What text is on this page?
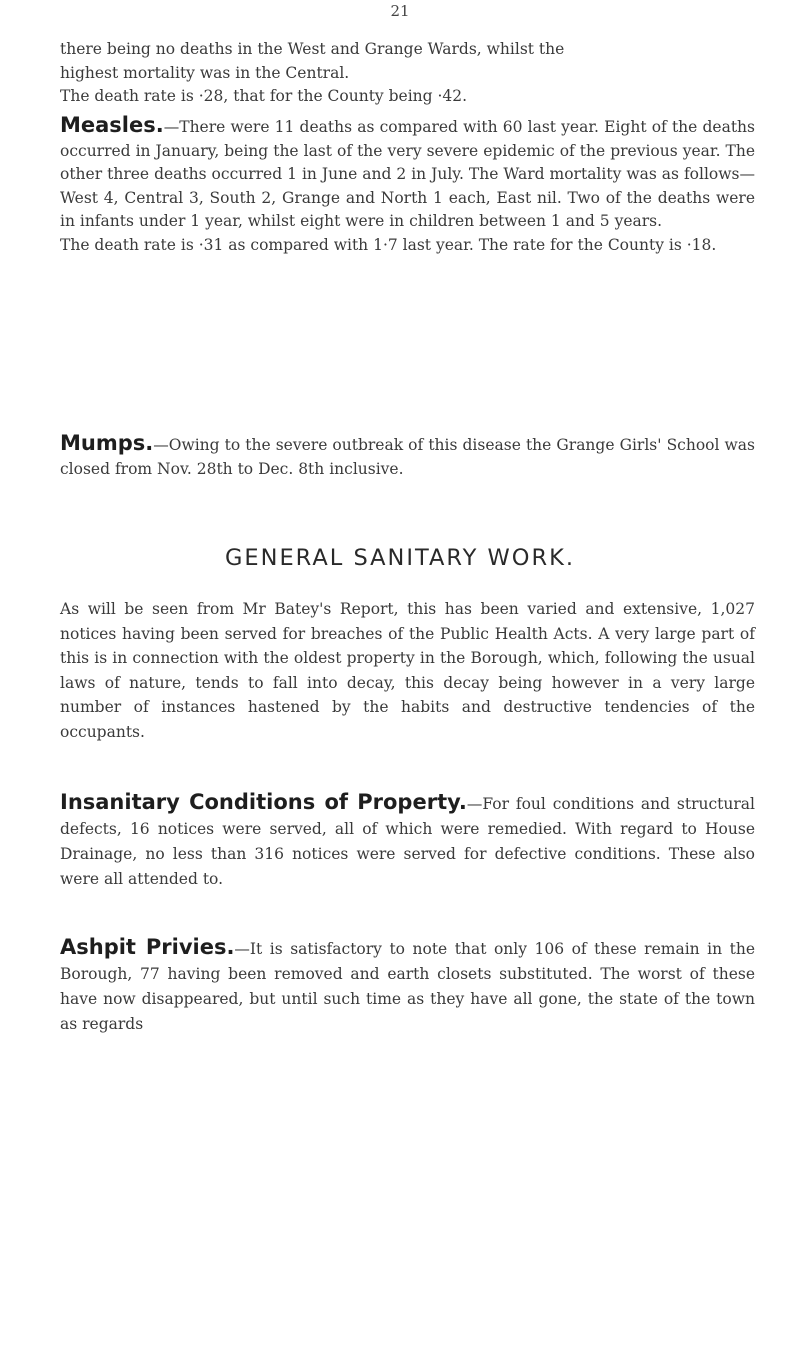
21

there being no deaths in the West and Grange Wards, whilst the

highest mortality was in the Central.

The death rate is ·28, that for the County being ·42.

Measles.—There were 11 deaths as compared with 60 last year. Eight of the deaths occurred in January, being the last of the very severe epidemic of the previous year. The other three deaths occurred 1 in June and 2 in July. The Ward mortality was as follows—West 4, Central 3, South 2, Grange and North 1 each, East nil. Two of the deaths were in infants under 1 year, whilst eight were in children between 1 and 5 years.

The death rate is ·31 as compared with 1·7 last year. The rate for the County is ·18.

Mumps.—Owing to the severe outbreak of this disease the Grange Girls' School was closed from Nov. 28th to Dec. 8th inclusive.

GENERAL SANITARY WORK.
As will be seen from Mr Batey's Report, this has been varied and extensive, 1,027 notices having been served for breaches of the Public Health Acts. A very large part of this is in connection with the oldest property in the Borough, which, following the usual laws of nature, tends to fall into decay, this decay being however in a very large number of instances hastened by the habits and destructive tendencies of the occupants.

Insanitary Conditions of Property.—For foul conditions and structural defects, 16 notices were served, all of which were remedied. With regard to House Drainage, no less than 316 notices were served for defective conditions. These also were all attended to.

Ashpit Privies.—It is satisfactory to note that only 106 of these remain in the Borough, 77 having been removed and earth closets substituted. The worst of these have now disappeared, but until such time as they have all gone, the state of the town as regards
